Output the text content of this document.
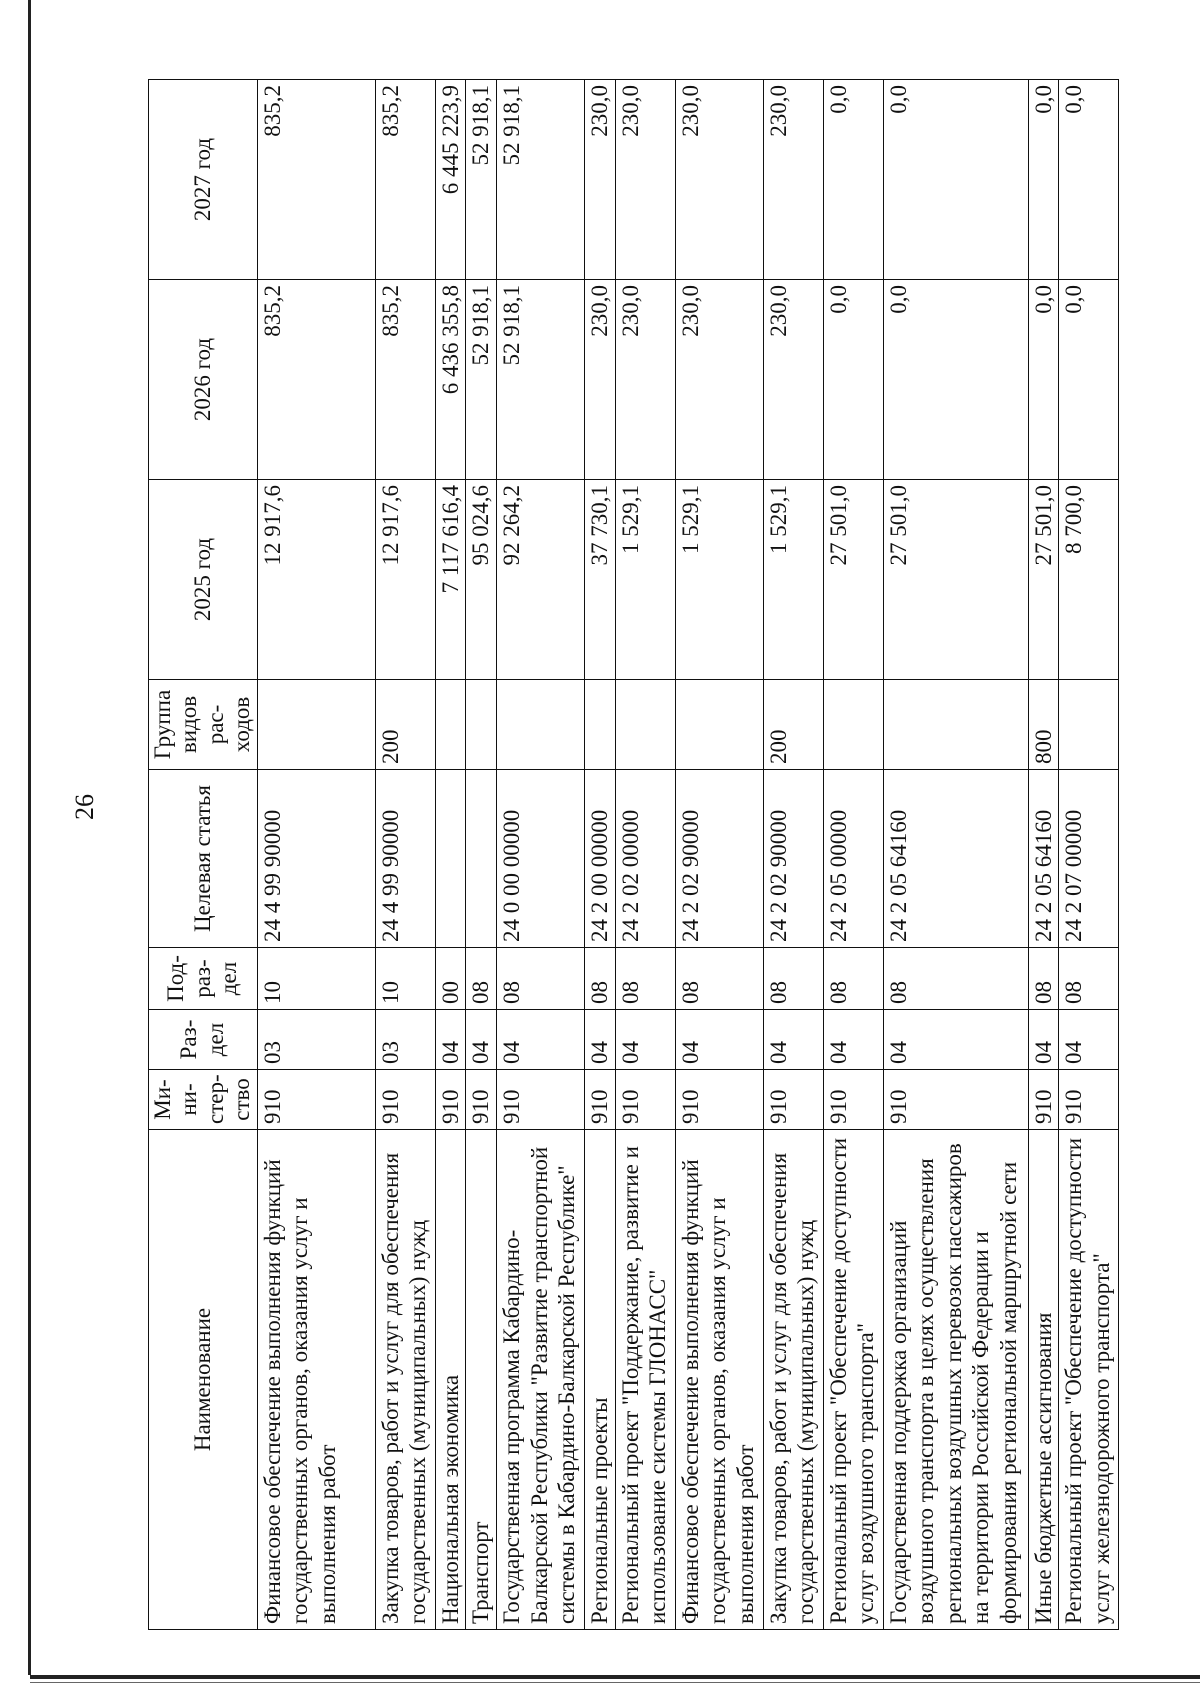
26
Наименование	Ми-
ни-
стер-
ство	Раз-
дел	Под-
раз-
дел	Целевая статья	Группа
видов
рас-
ходов	2025 год	2026 год	2027 год
Финансовое обеспечение выполнения функций государственных органов, оказания услуг и выполнения работ	910	03	10	24 4 99 90000		12 917,6	835,2	835,2
Закупка товаров, работ и услуг для обеспечения государственных (муниципальных) нужд	910	03	10	24 4 99 90000	200	12 917,6	835,2	835,2
Национальная экономика	910	04	00			7 117 616,4	6 436 355,8	6 445 223,9
Транспорт	910	04	08			95 024,6	52 918,1	52 918,1
Государственная программа Кабардино-Балкарской Республики "Развитие транспортной системы в Кабардино-Балкарской Республике"	910	04	08	24 0 00 00000		92 264,2	52 918,1	52 918,1
Региональные проекты	910	04	08	24 2 00 00000		37 730,1	230,0	230,0
Региональный проект "Поддержание, развитие и использование системы ГЛОНАСС"	910	04	08	24 2 02 00000		1 529,1	230,0	230,0
Финансовое обеспечение выполнения функций государственных органов, оказания услуг и выполнения работ	910	04	08	24 2 02 90000		1 529,1	230,0	230,0
Закупка товаров, работ и услуг для обеспечения государственных (муниципальных) нужд	910	04	08	24 2 02 90000	200	1 529,1	230,0	230,0
Региональный проект "Обеспечение доступности услуг воздушного транспорта"	910	04	08	24 2 05 00000		27 501,0	0,0	0,0
Государственная поддержка организаций воздушного транспорта в целях осуществления региональных воздушных перевозок пассажиров на территории Российской Федерации и формирования региональной маршрутной сети	910	04	08	24 2 05 64160		27 501,0	0,0	0,0
Иные бюджетные ассигнования	910	04	08	24 2 05 64160	800	27 501,0	0,0	0,0
Региональный проект "Обеспечение доступности услуг железнодорожного транспорта"	910	04	08	24 2 07 00000		8 700,0	0,0	0,0
